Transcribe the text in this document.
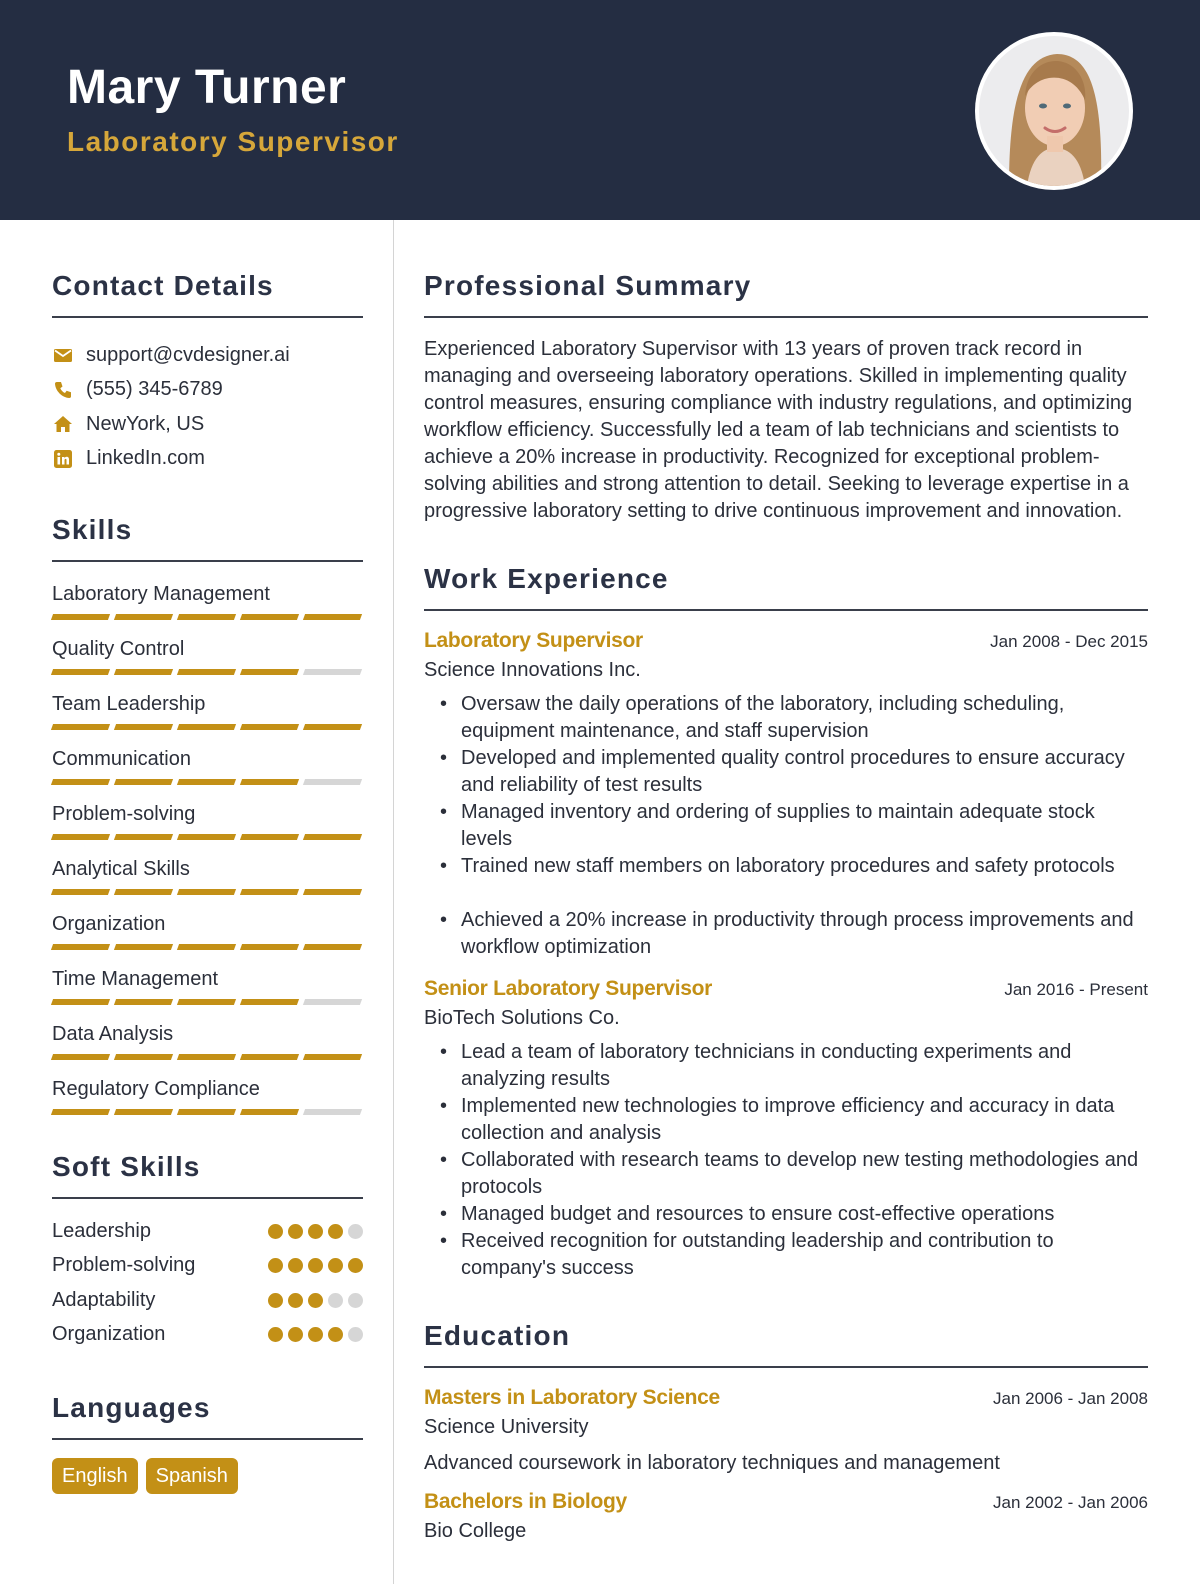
Mary Turner
Laboratory Supervisor
Contact Details
support@cvdesigner.ai
(555) 345-6789
NewYork, US
LinkedIn.com
Skills
Laboratory Management
Quality Control
Team Leadership
Communication
Problem-solving
Analytical Skills
Organization
Time Management
Data Analysis
Regulatory Compliance
Soft Skills
Leadership
Problem-solving
Adaptability
Organization
Languages
English	Spanish
Professional Summary
Experienced Laboratory Supervisor with 13 years of proven track record in managing and overseeing laboratory operations. Skilled in implementing quality control measures, ensuring compliance with industry regulations, and optimizing workflow efficiency. Successfully led a team of lab technicians and scientists to achieve a 20% increase in productivity. Recognized for exceptional problem-solving abilities and strong attention to detail. Seeking to leverage expertise in a progressive laboratory setting to drive continuous improvement and innovation.
Work Experience
Laboratory Supervisor	Jan 2008 - Dec 2015
Science Innovations Inc.
• Oversaw the daily operations of the laboratory, including scheduling, equipment maintenance, and staff supervision
• Developed and implemented quality control procedures to ensure accuracy and reliability of test results
• Managed inventory and ordering of supplies to maintain adequate stock levels
• Trained new staff members on laboratory procedures and safety protocols
• Achieved a 20% increase in productivity through process improvements and workflow optimization
Senior Laboratory Supervisor	Jan 2016 - Present
BioTech Solutions Co.
• Lead a team of laboratory technicians in conducting experiments and analyzing results
• Implemented new technologies to improve efficiency and accuracy in data collection and analysis
• Collaborated with research teams to develop new testing methodologies and protocols
• Managed budget and resources to ensure cost-effective operations
• Received recognition for outstanding leadership and contribution to company's success
Education
Masters in Laboratory Science	Jan 2006 - Jan 2008
Science University
Advanced coursework in laboratory techniques and management
Bachelors in Biology	Jan 2002 - Jan 2006
Bio College
